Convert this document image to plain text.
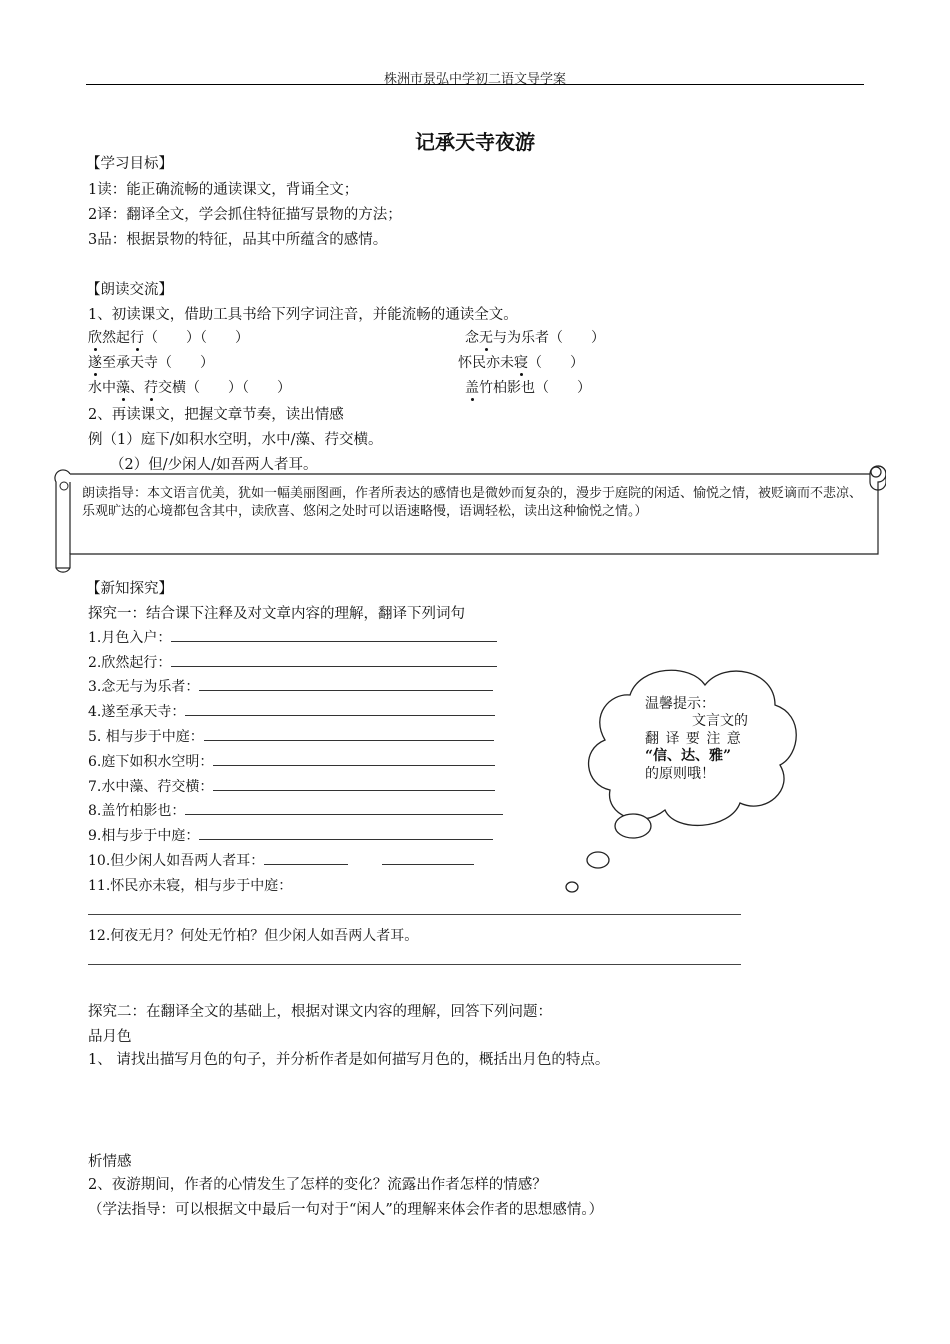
株洲市景弘中学初二语文导学案
记承天寺夜游
【学习目标】
1读：能正确流畅的通读课文，背诵全文；
2译：翻译全文，学会抓住特征描写景物的方法；
3品：根据景物的特征，品其中所蕴含的感情。
【朗读交流】
1、初读课文，借助工具书给下列字词注音，并能流畅的通读全文。
欣然起行（　　）（　　）	念无与为乐者（　　）
遂至承天寺（　　）	怀民亦未寝（　　）
水中藻、荇交横（　　）（　　）	盖竹柏影也（　　）
2、再读课文，把握文章节奏，读出情感
例（1）庭下/如积水空明，水中/藻、荇交横。
（2）但/少闲人/如吾两人者耳。
朗读指导：本文语言优美，犹如一幅美丽图画，作者所表达的感情也是微妙而复杂的，漫步于庭院的闲适、愉悦之情，被贬谪而不悲凉、乐观旷达的心境都包含其中，读欣喜、悠闲之处时可以语速略慢，语调轻松，读出这种愉悦之情。）
【新知探究】
探究一：结合课下注释及对文章内容的理解，翻译下列词句
1.月色入户：
2.欣然起行：
3.念无与为乐者：
4.遂至承天寺：
5. 相与步于中庭：
6.庭下如积水空明：
7.水中藻、荇交横：
8.盖竹柏影也：
9.相与步于中庭：
10.但少闲人如吾两人者耳：
11.怀民亦未寝，相与步于中庭：
12.何夜无月？何处无竹柏？但少闲人如吾两人者耳。
温馨提示：
文言文的
翻 译 要 注 意
“信、达、雅”
的原则哦！
探究二：在翻译全文的基础上，根据对课文内容的理解，回答下列问题：
品月色
1、 请找出描写月色的句子，并分析作者是如何描写月色的，概括出月色的特点。
析情感
2、夜游期间，作者的心情发生了怎样的变化？流露出作者怎样的情感？
（学法指导：可以根据文中最后一句对于“闲人”的理解来体会作者的思想感情。）
